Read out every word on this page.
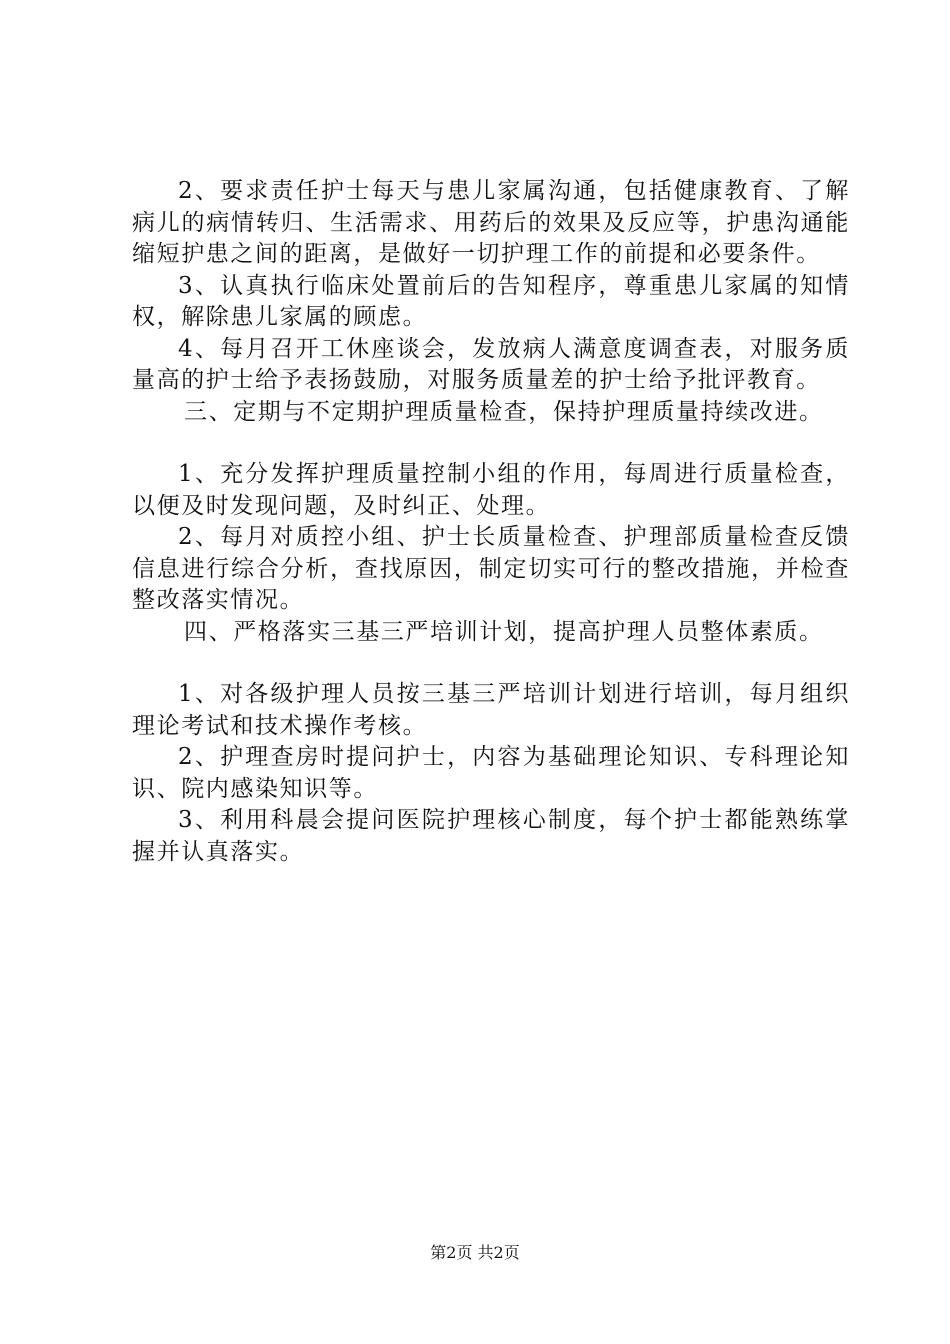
2、要求责任护士每天与患儿家属沟通，包括健康教育、了解病儿的病情转归、生活需求、用药后的效果及反应等，护患沟通能缩短护患之间的距离，是做好一切护理工作的前提和必要条件。

3、认真执行临床处置前后的告知程序，尊重患儿家属的知情权，解除患儿家属的顾虑。

4、每月召开工休座谈会，发放病人满意度调查表，对服务质量高的护士给予表扬鼓励，对服务质量差的护士给予批评教育。

三、定期与不定期护理质量检查，保持护理质量持续改进。

1、充分发挥护理质量控制小组的作用，每周进行质量检查，以便及时发现问题，及时纠正、处理。

2、每月对质控小组、护士长质量检查、护理部质量检查反馈信息进行综合分析，查找原因，制定切实可行的整改措施，并检查整改落实情况。

四、严格落实三基三严培训计划，提高护理人员整体素质。

1、对各级护理人员按三基三严培训计划进行培训，每月组织理论考试和技术操作考核。

2、护理查房时提问护士，内容为基础理论知识、专科理论知识、院内感染知识等。

3、利用科晨会提问医院护理核心制度，每个护士都能熟练掌握并认真落实。

第2页 共2页
